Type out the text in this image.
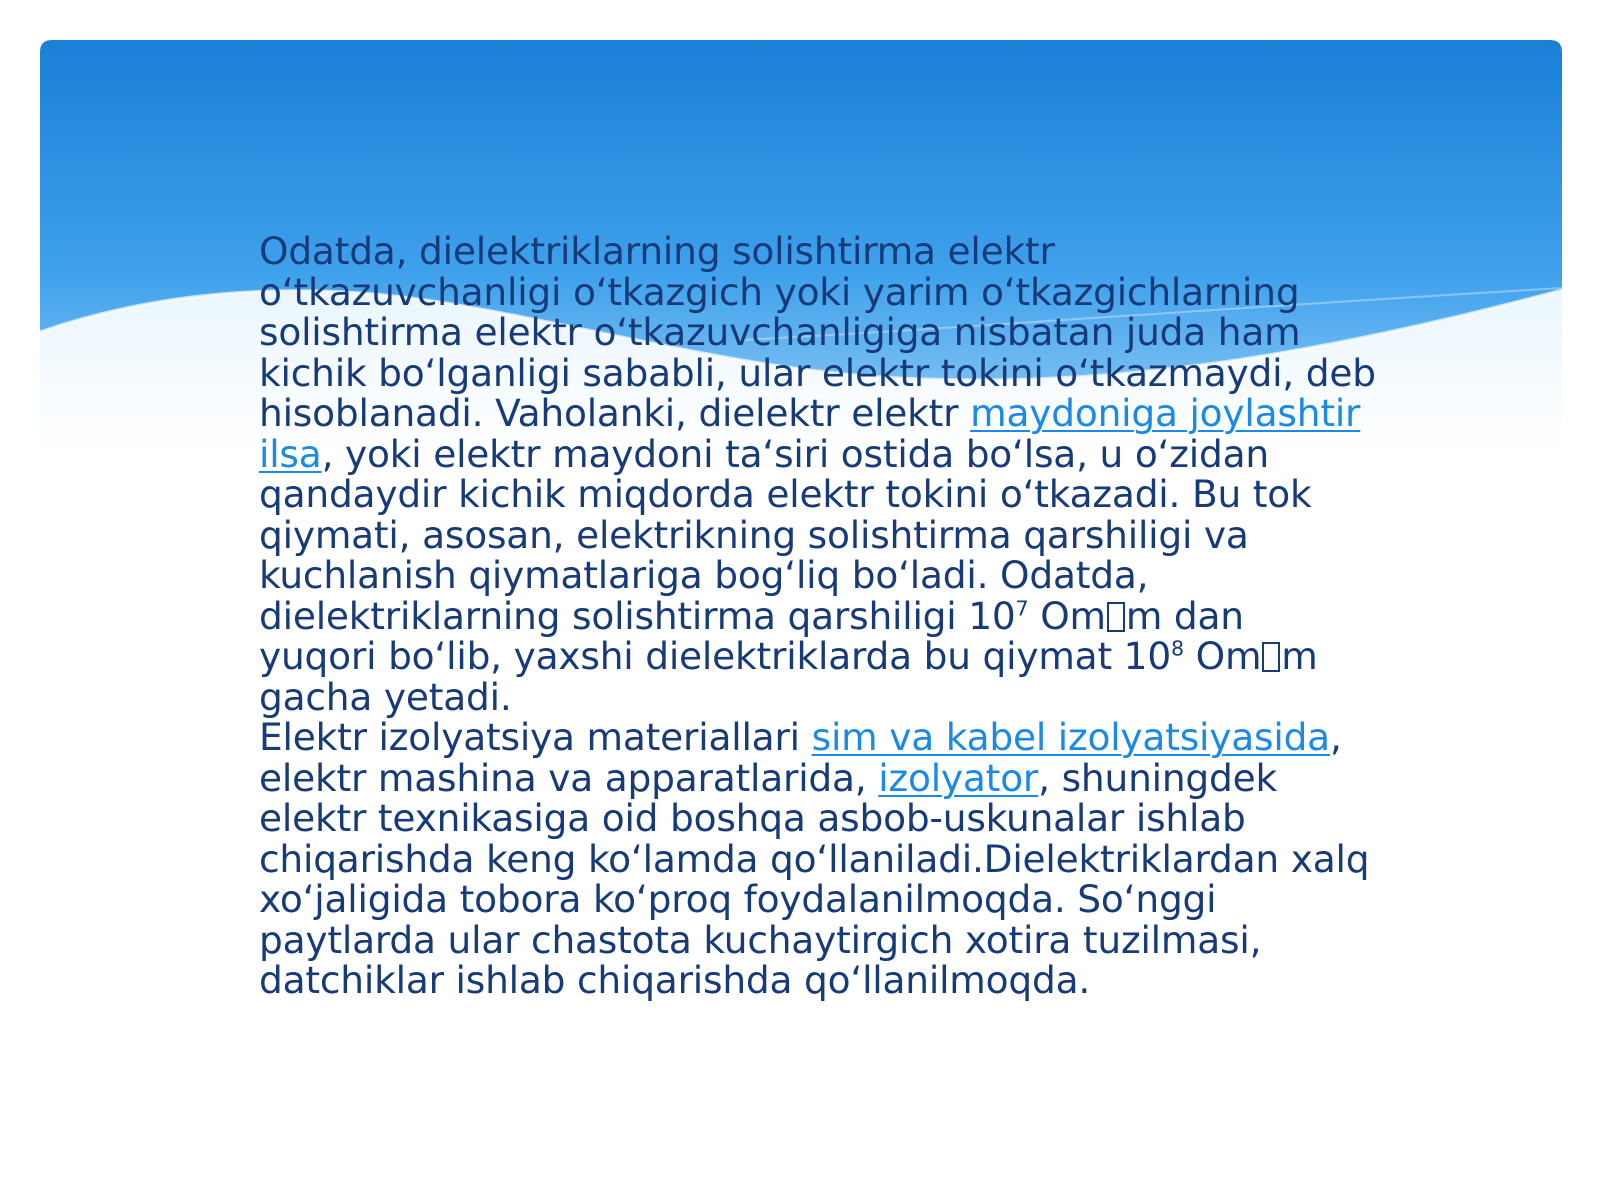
Odatda, dielektriklarning solishtirma elektr
o‘tkazuvchanligi o‘tkazgich yoki yarim o‘tkazgichlarning
solishtirma elektr o‘tkazuvchanligiga nisbatan juda ham
kichik bo‘lganligi sababli, ular elektr tokini o‘tkazmaydi, deb
hisoblanadi. Vaholanki, dielektr elektr maydoniga joylashtir
ilsa, yoki elektr maydoni ta‘siri ostida bo‘lsa, u o‘zidan
qandaydir kichik miqdorda elektr tokini o‘tkazadi. Bu tok
qiymati, asosan, elektrikning solishtirma qarshiligi va
kuchlanish qiymatlariga bog‘liq bo‘ladi. Odatda,
dielektriklarning solishtirma qarshiligi $10^7$ Om m dan
yuqori bo‘lib, yaxshi dielektriklarda bu qiymat $10^8$ Om m
gacha yetadi.

Elektr izolyatsiya materiallari sim va kabel izolyatsiyasida,
elektr mashina va apparatlarida, izolyator, shuningdek
elektr texnikasiga oid boshqa asbob-uskunalar ishlab
chiqarishda keng ko‘lamda qo‘llaniladi.Dielektriklardan xalq
xo‘jaligida tobora ko‘proq foydalanilmoqda. So‘nggi
paytlarda ular chastota kuchaytirgich xotira tuzilmasi,
datchiklar ishlab chiqarishda qo‘llanilmoqda.
